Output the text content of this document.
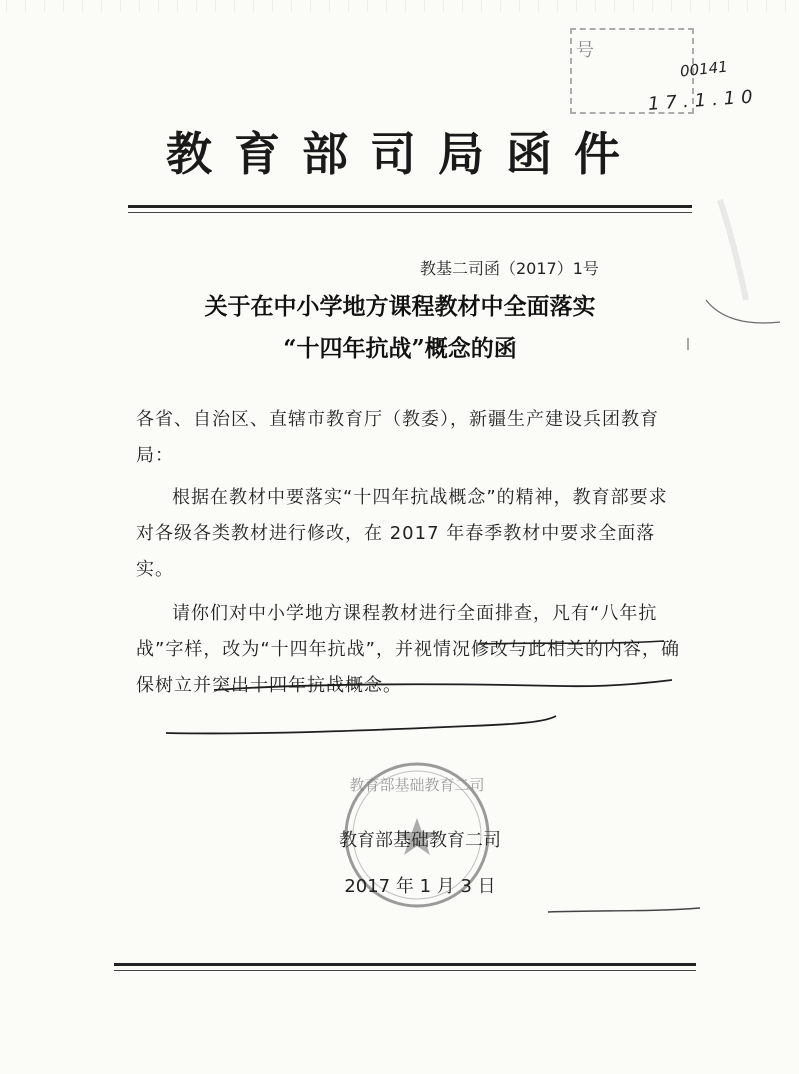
号
00141
17.1.10
教育部司局函件
教基二司函（2017）1号
关于在中小学地方课程教材中全面落实
“十四年抗战”概念的函
各省、自治区、直辖市教育厅（教委），新疆生产建设兵团教育局：
根据在教材中要落实“十四年抗战概念”的精神，教育部要求对各级各类教材进行修改，在 2017 年春季教材中要求全面落实。
请你们对中小学地方课程教材进行全面排查，凡有“八年抗战”字样，改为“十四年抗战”，并视情况修改与此相关的内容，确保树立并突出十四年抗战概念。
教育部基础教育二司
教育部基础教育二司
2017 年 1 月 3 日
